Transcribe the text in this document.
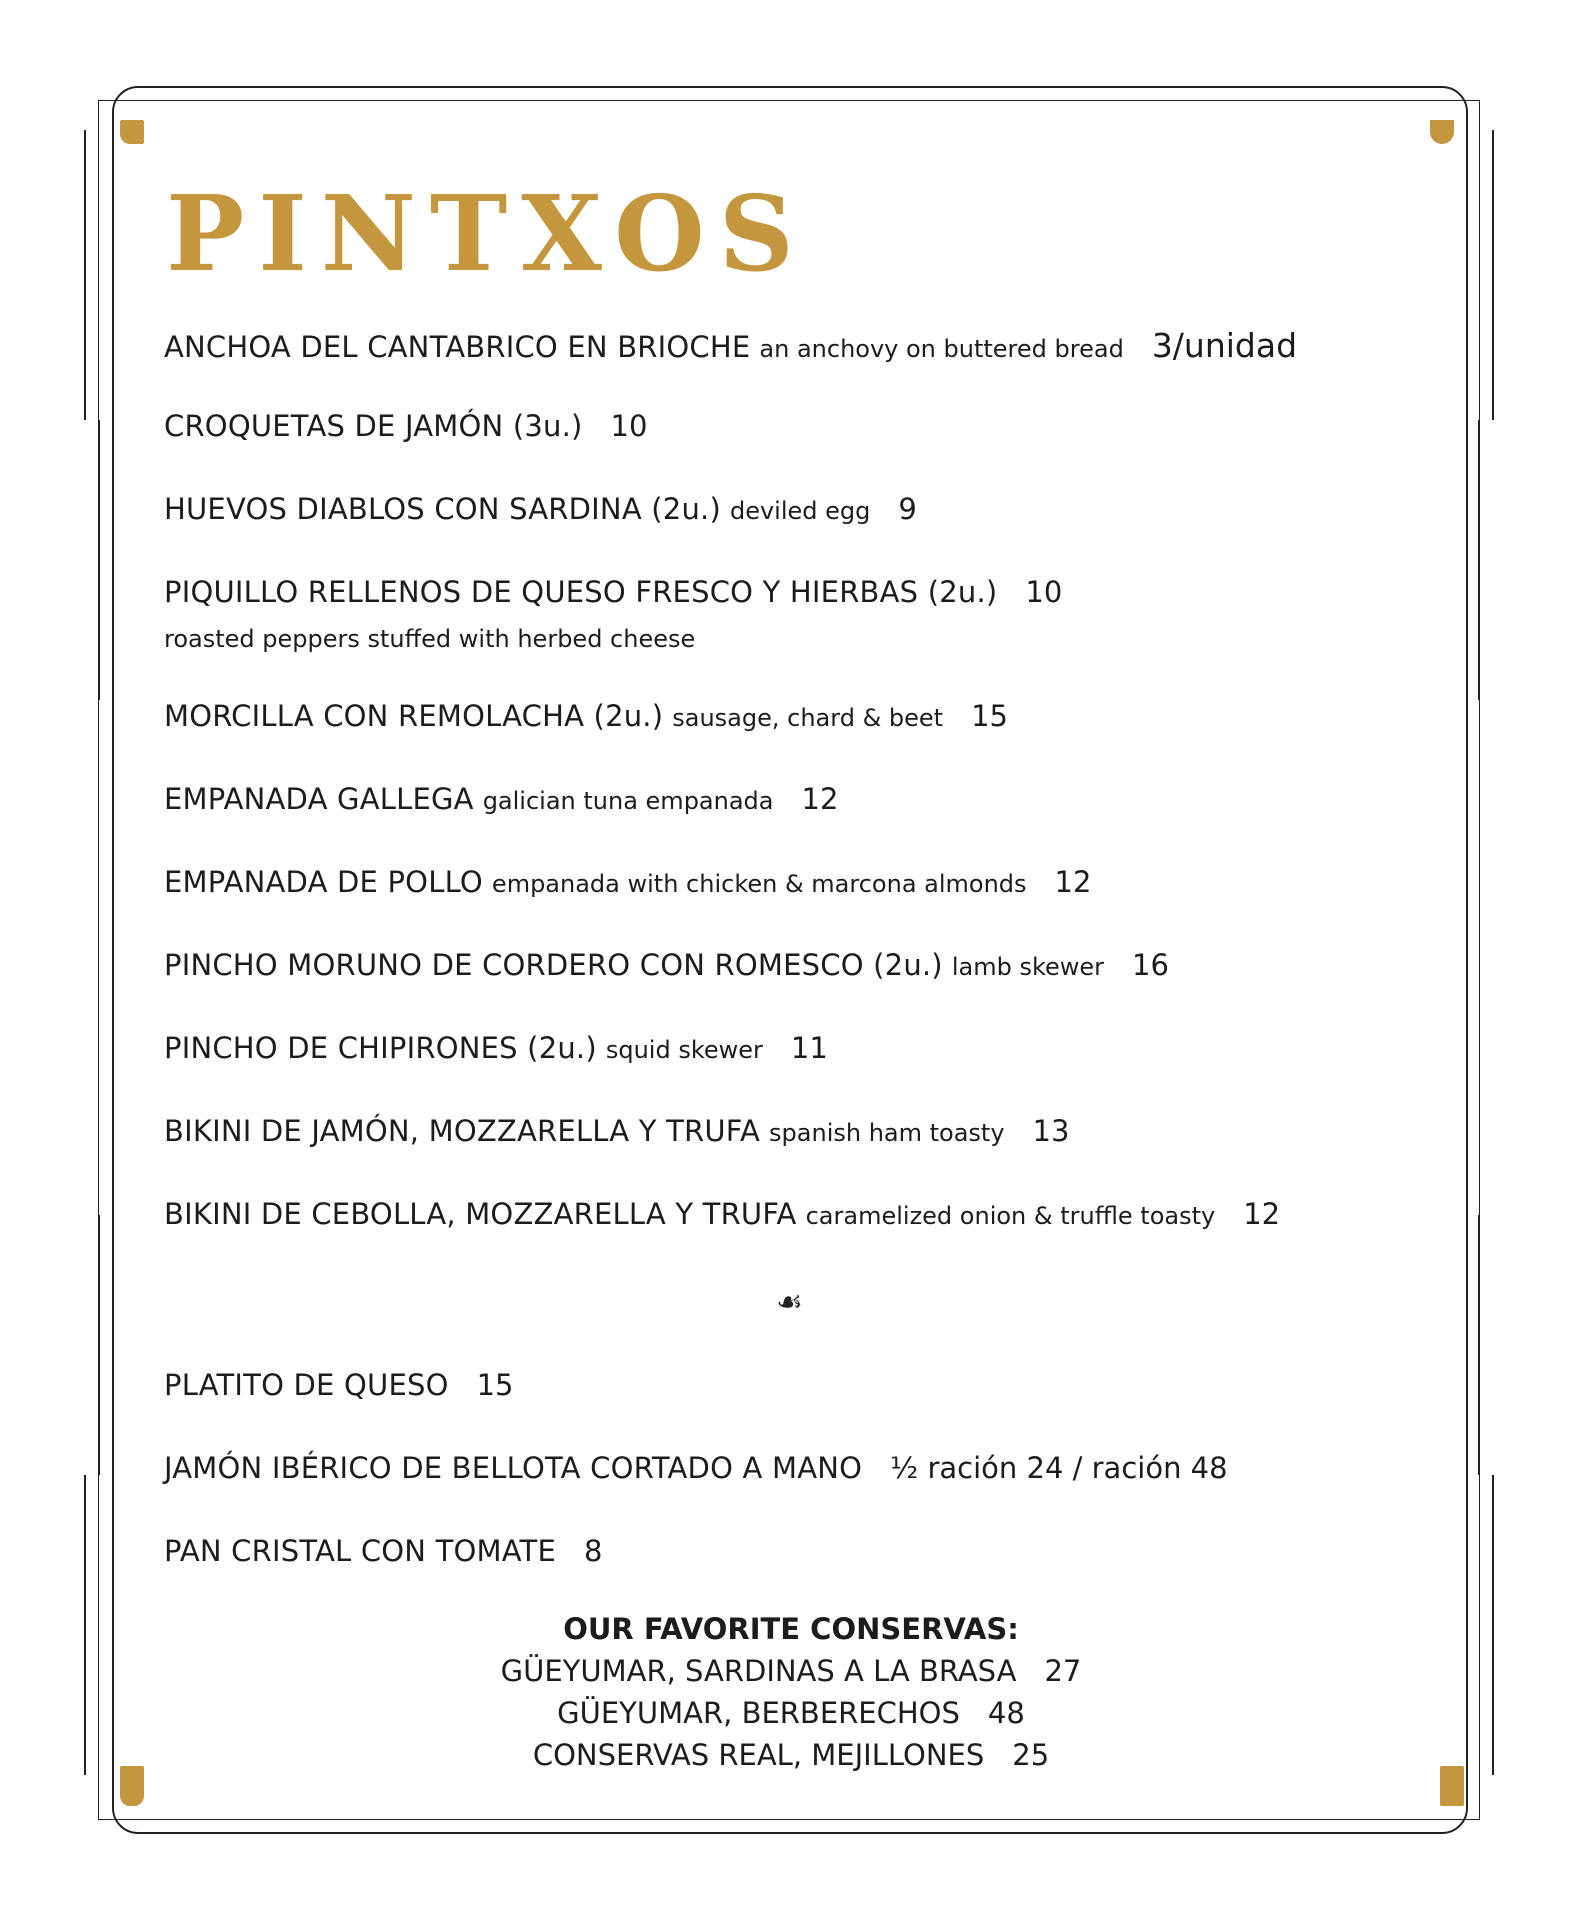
PINTXOS
ANCHOA DEL CANTABRICO EN BRIOCHE an anchovy on buttered bread 3/unidad
CROQUETAS DE JAMÓN (3u.) 10
HUEVOS DIABLOS CON SARDINA (2u.) deviled egg 9
PIQUILLO RELLENOS DE QUESO FRESCO Y HIERBAS (2u.) 10
roasted peppers stuffed with herbed cheese
MORCILLA CON REMOLACHA (2u.) sausage, chard & beet 15
EMPANADA GALLEGA galician tuna empanada 12
EMPANADA DE POLLO empanada with chicken & marcona almonds 12
PINCHO MORUNO DE CORDERO CON ROMESCO (2u.) lamb skewer 16
PINCHO DE CHIPIRONES (2u.) squid skewer 11
BIKINI DE JAMÓN, MOZZARELLA Y TRUFA spanish ham toasty 13
BIKINI DE CEBOLLA, MOZZARELLA Y TRUFA caramelized onion & truffle toasty 12
☙
PLATITO DE QUESO 15
JAMÓN IBÉRICO DE BELLOTA CORTADO A MANO ½ ración 24 / ración 48
PAN CRISTAL CON TOMATE 8
OUR FAVORITE CONSERVAS:
GÜEYUMAR, SARDINAS A LA BRASA 27
GÜEYUMAR, BERBERECHOS 48
CONSERVAS REAL, MEJILLONES 25
